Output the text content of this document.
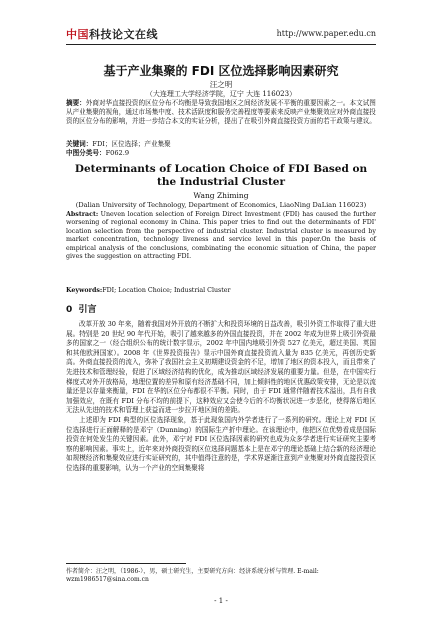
中国科技论文在线	http://www.paper.edu.cn
基于产业集聚的 FDI 区位选择影响因素研究
汪之明
（大连理工大学经济学院，辽宁 大连 116023）
摘要：外商对华直接投资的区位分布不均衡是导致我国地区之间经济发展不平衡的重要因素之一。本文试图从产业集聚的视角，通过市场集中度、技术活跃度和服务完善程度等要素来反映产业集聚效应对外商直接投资的区位分布的影响，并进一步结合本文的实证分析，提出了在吸引外商直接投资方面的若干政策与建议。
关键词：FDI；区位选择；产业集聚
中图分类号：F062.9
Determinants of Location Choice of FDI Based on the Industrial Cluster
Wang Zhiming
(Dalian University of Technology, Department of Economics, LiaoNing DaLian 116023)
Abstract: Uneven location selection of Foreign Direct Investment (FDI) has caused the further worsening of regional economy in China. This paper tries to find out the determinants of FDI' location selection from the perspective of industrial cluster. Industrial cluster is measured by market concentration, technology liveness and service level in this paper.On the basis of empirical analysis of the conclusions, combinating the economic situation of China, the paper gives the suggestion on attracting FDI.
Keywords:FDI; Location Choice; Industrial Cluster
0 引言

改革开放 30 年来，随着我国对外开放的不断扩大和投资环境的日益改善，吸引外资工作取得了重大进展。特别是 20 世纪 90 年代开始，吸引了越来越多的外国直接投资，并在 2002 年成为世界上吸引外资最多的国家之一（经合组织公布的统计数字显示，2002 年中国内地吸引外资 527 亿美元，超过美国、英国和其他欧洲国家）。2008 年《世界投资报告》显示中国外商直接投资流入量为 835 亿美元，再创历史新高。外商直接投资的流入，弥补了我国社会主义初期建设资金的不足，增加了地区的资本投入，而且带来了先进技术和管理经验，促进了区域经济结构的优化，成为推动区域经济发展的重要力量。但是，在中国实行梯度式对外开放格局，地理位置的差异和原有经济基础不同，加上倾斜性的地区优惠政策安排，无论是以流量还是以存量来衡量，FDI 在华的区位分布都很不平衡。同时，由于 FDI 通常伴随着技术溢出，具有自我加强效应，在既有 FDI 分布不均的前提下，这种效应又会使今后的不均衡状况进一步恶化，使得落后地区无法从先进的技术和管理上获益而进一步拉开地区间的差距。

上述即为 FDI 典型的区位选择现象，基于此现象国内外学者进行了一系列的研究。理论上对 FDI 区位选择进行正面解释的是邓宁（Dunning）的国际生产折中理论。在该理论中，他把区位优势看成是国际投资在何处发生的关键因素。此外，邓宁对 FDI 区位选择因素的研究也成为众多学者进行实证研究主要考察的影响因素。事实上，近年来对外商投资的区位选择问题基本上是在邓宁的理论基础上结合新的经济理论如规模经济和集聚效应进行实证研究的，其中值得注意的是，学术界逐渐注意到产业集聚对外商直接投资区位选择的重要影响，认为一个产业的空间集聚将

作者简介：汪之明，（1986-），男，硕士研究生，主要研究方向：经济系统分析与管理. E-mail: wzm1986517@sina.com.cn
- 1 -
